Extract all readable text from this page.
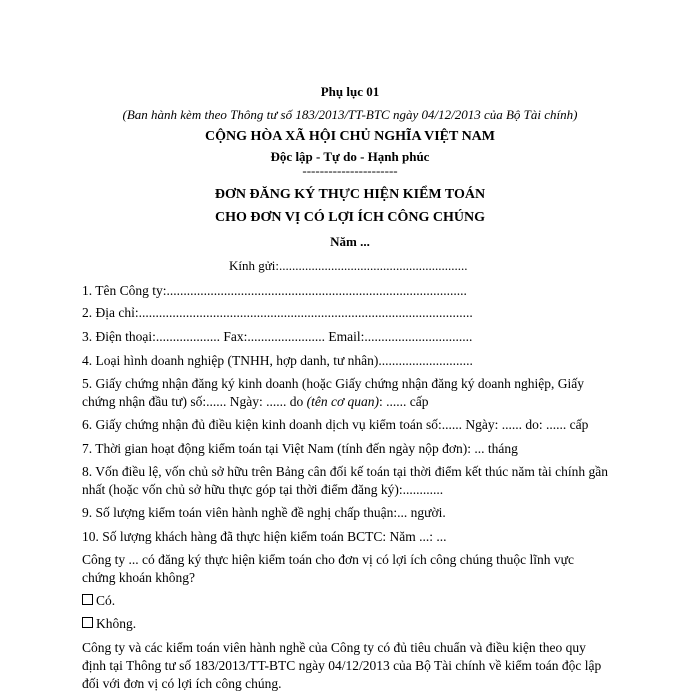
Phụ lục 01
(Ban hành kèm theo Thông tư số 183/2013/TT-BTC ngày 04/12/2013 của Bộ Tài chính)
CỘNG HÒA XÃ HỘI CHỦ NGHĨA VIỆT NAM
Độc lập - Tự do - Hạnh phúc
----------------------
ĐƠN ĐĂNG KÝ THỰC HIỆN KIỂM TOÁN
CHO ĐƠN VỊ CÓ LỢI ÍCH CÔNG CHÚNG
Năm ...
Kính gửi:..........................................................
1. Tên Công ty:.........................................................................................
2. Địa chỉ:...................................................................................................
3. Điện thoại:................... Fax:....................... Email:................................
4. Loại hình doanh nghiệp (TNHH, hợp danh, tư nhân)............................
5. Giấy chứng nhận đăng ký kinh doanh (hoặc Giấy chứng nhận đăng ký doanh nghiệp, Giấy
chứng nhận đầu tư) số:...... Ngày: ...... do (tên cơ quan): ...... cấp
6. Giấy chứng nhận đủ điều kiện kinh doanh dịch vụ kiểm toán số:...... Ngày: ...... do: ...... cấp
7. Thời gian hoạt động kiểm toán tại Việt Nam (tính đến ngày nộp đơn): ... tháng
8. Vốn điều lệ, vốn chủ sở hữu trên Bảng cân đối kế toán tại thời điểm kết thúc năm tài chính gần
nhất (hoặc vốn chủ sở hữu thực góp tại thời điểm đăng ký):............
9. Số lượng kiểm toán viên hành nghề đề nghị chấp thuận:... người.
10. Số lượng khách hàng đã thực hiện kiểm toán BCTC: Năm ...: ...
Công ty ... có đăng ký thực hiện kiểm toán cho đơn vị có lợi ích công chúng thuộc lĩnh vực
chứng khoán không?
Có.
Không.
Công ty và các kiểm toán viên hành nghề của Công ty có đủ tiêu chuẩn và điều kiện theo quy
định tại Thông tư số 183/2013/TT-BTC ngày 04/12/2013 của Bộ Tài chính về kiểm toán độc lập
đối với đơn vị có lợi ích công chúng.
